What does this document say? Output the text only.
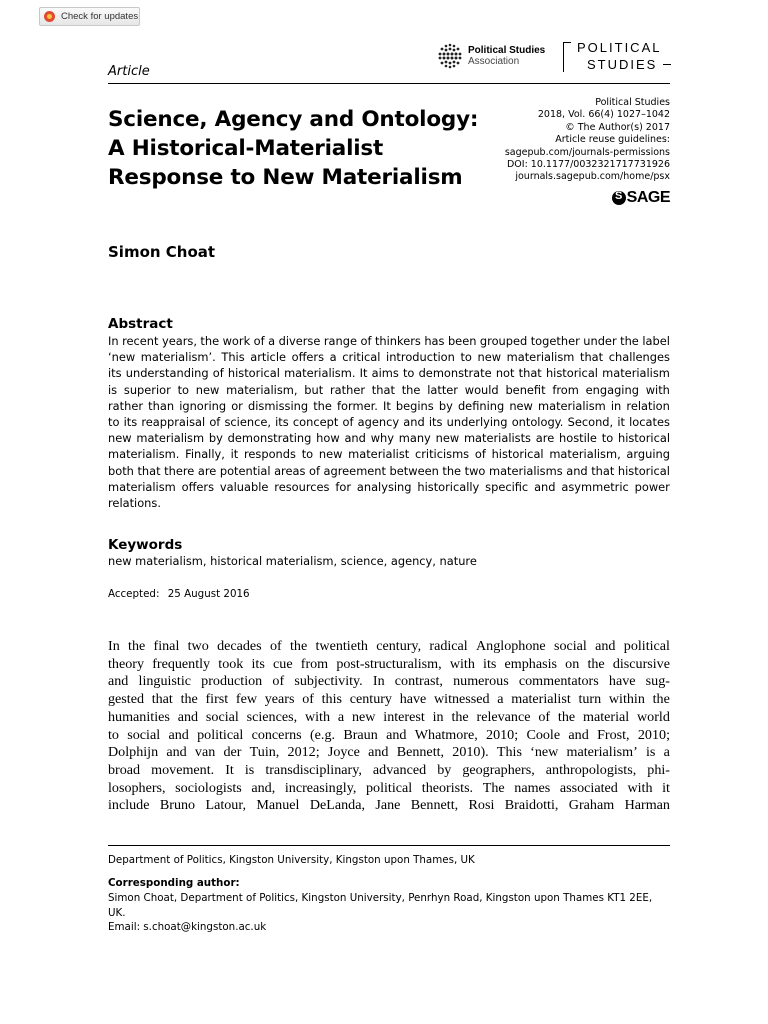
Check for updates
Political Studies
Association
POLITICAL
STUDIES
Article
Science, Agency and Ontology:
A Historical-Materialist
Response to New Materialism
Political Studies
2018, Vol. 66(4) 1027–1042
© The Author(s) 2017
Article reuse guidelines:
sagepub.com/journals-permissions
DOI: 10.1177/0032321717731926
journals.sagepub.com/home/psx
S
SAGE
Simon Choat
Abstract
In recent years, the work of a diverse range of thinkers has been grouped together under the label
‘new materialism’. This article offers a critical introduction to new materialism that challenges
its understanding of historical materialism. It aims to demonstrate not that historical materialism
is superior to new materialism, but rather that the latter would benefit from engaging with
rather than ignoring or dismissing the former. It begins by defining new materialism in relation
to its reappraisal of science, its concept of agency and its underlying ontology. Second, it locates
new materialism by demonstrating how and why many new materialists are hostile to historical
materialism. Finally, it responds to new materialist criticisms of historical materialism, arguing
both that there are potential areas of agreement between the two materialisms and that historical
materialism offers valuable resources for analysing historically specific and asymmetric power
relations.
Keywords
new materialism, historical materialism, science, agency, nature
Accepted: 25 August 2016
In the final two decades of the twentieth century, radical Anglophone social and political
theory frequently took its cue from post-structuralism, with its emphasis on the discursive
and linguistic production of subjectivity. In contrast, numerous commentators have sug-
gested that the first few years of this century have witnessed a materialist turn within the
humanities and social sciences, with a new interest in the relevance of the material world
to social and political concerns (e.g. Braun and Whatmore, 2010; Coole and Frost, 2010;
Dolphijn and van der Tuin, 2012; Joyce and Bennett, 2010). This ‘new materialism’ is a
broad movement. It is transdisciplinary, advanced by geographers, anthropologists, phi-
losophers, sociologists and, increasingly, political theorists. The names associated with it
include Bruno Latour, Manuel DeLanda, Jane Bennett, Rosi Braidotti, Graham Harman
Department of Politics, Kingston University, Kingston upon Thames, UK
Corresponding author:
Simon Choat, Department of Politics, Kingston University, Penrhyn Road, Kingston upon Thames KT1 2EE,
UK.
Email: s.choat@kingston.ac.uk
